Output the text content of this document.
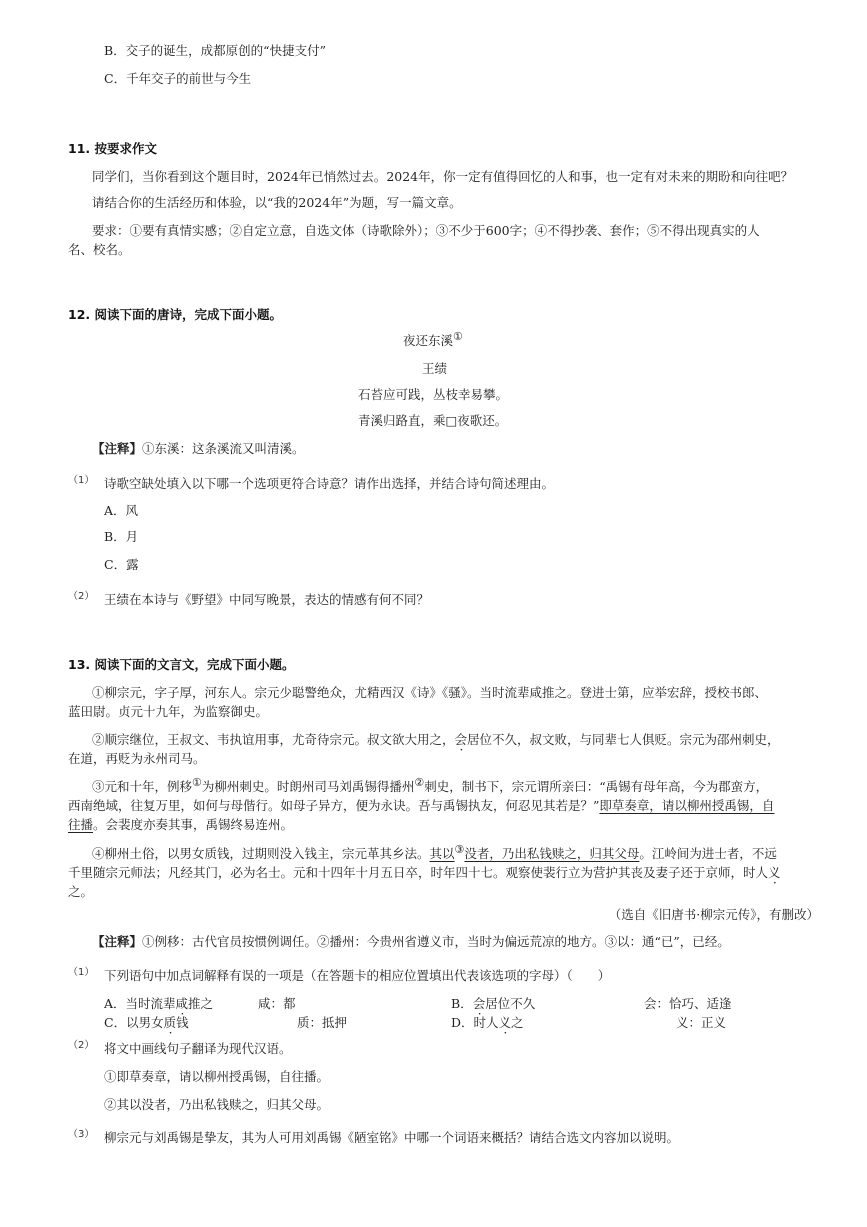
B．交子的诞生，成都原创的“快捷支付”
C．千年交子的前世与今生
11. 按要求作文
同学们，当你看到这个题目时，2024年已悄然过去。2024年，你一定有值得回忆的人和事，也一定有对未来的期盼和向往吧？
请结合你的生活经历和体验，以“我的2024年”为题，写一篇文章。
要求：①要有真情实感；②自定立意，自选文体（诗歌除外）；③不少于600字；④不得抄袭、套作；⑤不得出现真实的人
名、校名。
12. 阅读下面的唐诗，完成下面小题。
夜还东溪①
王绩
石苔应可践，丛枝幸易攀。
青溪归路直，乘□夜歌还。
【注释】①东溪：这条溪流又叫清溪。
（1） 诗歌空缺处填入以下哪一个选项更符合诗意？请作出选择，并结合诗句简述理由。
A．风
B．月
C．露
（2） 王绩在本诗与《野望》中同写晚景，表达的情感有何不同？
13. 阅读下面的文言文，完成下面小题。
①柳宗元，字子厚，河东人。宗元少聪警绝众，尤精西汉《诗》《骚》。当时流辈咸推之。登进士第，应举宏辞，授校书郎、
蓝田尉。贞元十九年，为监察御史。
②顺宗继位，王叔文、韦执谊用事，尤奇待宗元。叔文欲大用之，会居位不久，叔文败，与同辈七人俱贬。宗元为邵州刺史，
在道，再贬为永州司马。
③元和十年，例移①为柳州刺史。时朗州司马刘禹锡得播州②刺史，制书下，宗元谓所亲曰：“禹锡有母年高，今为郡蛮方，
西南绝域，往复万里，如何与母偕行。如母子异方，便为永诀。吾与禹锡执友，何忍见其若是？”即草奏章，请以柳州授禹锡，自
往播。会裴度亦奏其事，禹锡终易连州。
④柳州土俗，以男女质钱，过期则没入钱主，宗元革其乡法。其以③没者，乃出私钱赎之，归其父母。江岭间为进士者，不远
千里随宗元师法；凡经其门，必为名士。元和十四年十月五日卒，时年四十七。观察使裴行立为营护其丧及妻子还于京师，时人义
之。
（选自《旧唐书·柳宗元传》，有删改）
【注释】①例移：古代官员按惯例调任。②播州：今贵州省遵义市，当时为偏远荒凉的地方。③以：通“已”，已经。
（1） 下列语句中加点词解释有误的一项是（在答题卡的相应位置填出代表该选项的字母）（　　）
A．当时流辈咸推之	咸：都	B．会居位不久	会：恰巧、适逢
C．以男女质钱	质：抵押	D．时人义之	义：正义
（2） 将文中画线句子翻译为现代汉语。
①即草奏章，请以柳州授禹锡，自往播。
②其以没者，乃出私钱赎之，归其父母。
（3） 柳宗元与刘禹锡是挚友，其为人可用刘禹锡《陋室铭》中哪一个词语来概括？请结合选文内容加以说明。
